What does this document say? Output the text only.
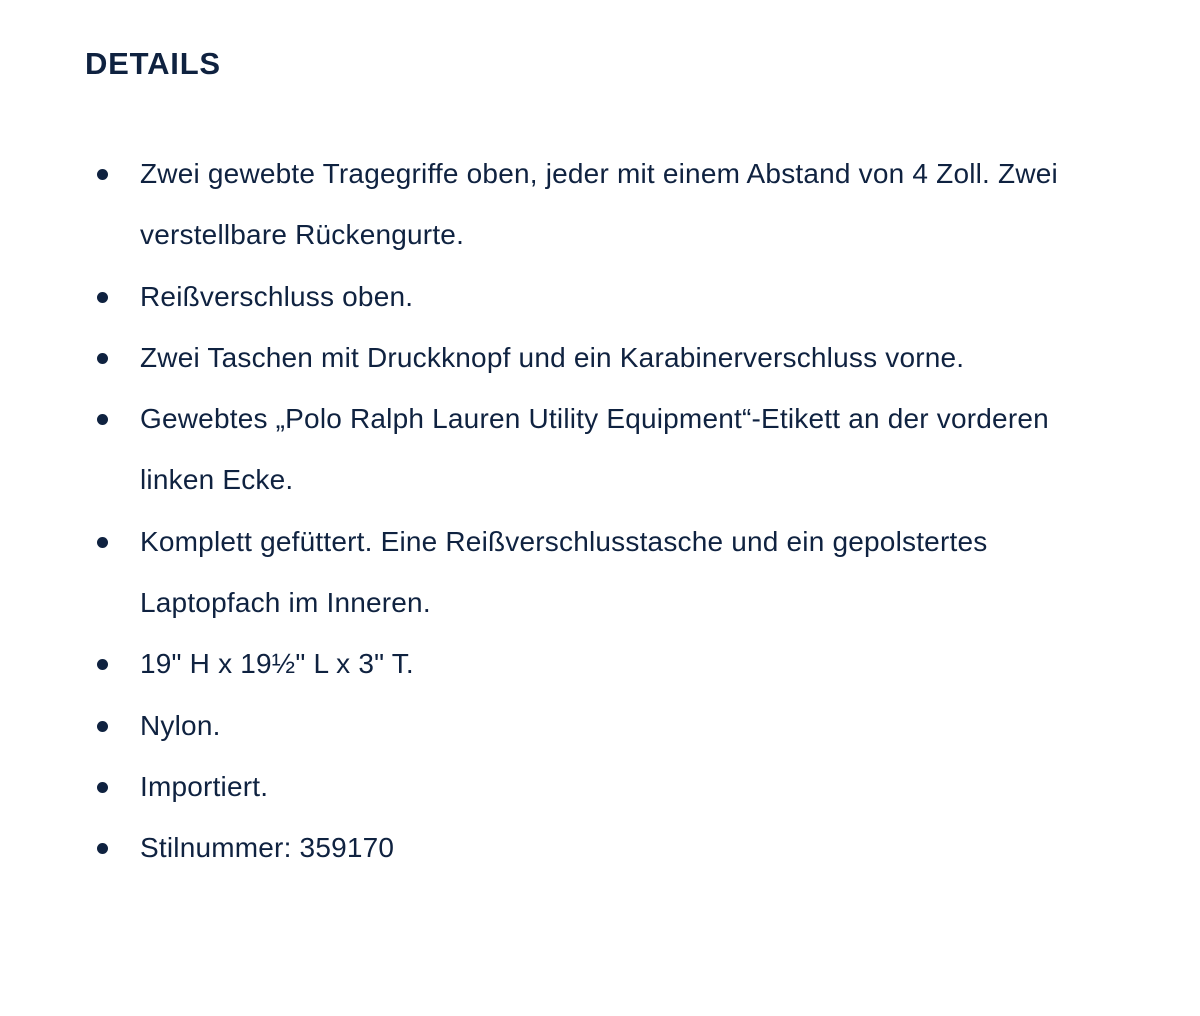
DETAILS
Zwei gewebte Tragegriffe oben, jeder mit einem Abstand von 4 Zoll. Zwei verstellbare Rückengurte.
Reißverschluss oben.
Zwei Taschen mit Druckknopf und ein Karabinerverschluss vorne.
Gewebtes „Polo Ralph Lauren Utility Equipment“-Etikett an der vorderen linken Ecke.
Komplett gefüttert. Eine Reißverschlusstasche und ein gepolstertes Laptopfach im Inneren.
19" H x 19½" L x 3" T.
Nylon.
Importiert.
Stilnummer: 359170
